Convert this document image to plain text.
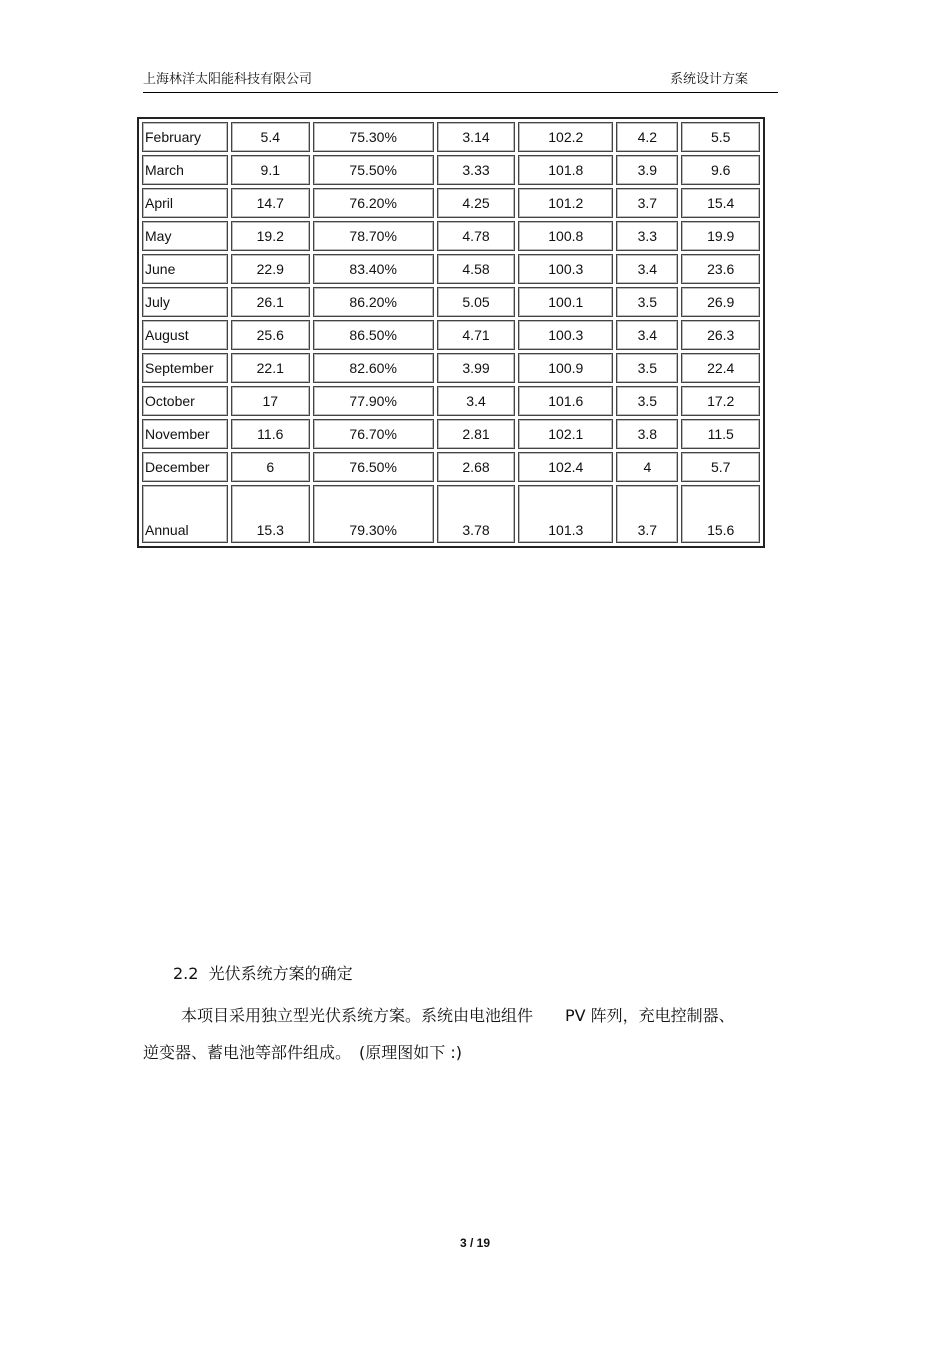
上海林洋太阳能科技有限公司	系统设计方案
February	5.4	75.30%	3.14	102.2	4.2	5.5
March	9.1	75.50%	3.33	101.8	3.9	9.6
April	14.7	76.20%	4.25	101.2	3.7	15.4
May	19.2	78.70%	4.78	100.8	3.3	19.9
June	22.9	83.40%	4.58	100.3	3.4	23.6
July	26.1	86.20%	5.05	100.1	3.5	26.9
August	25.6	86.50%	4.71	100.3	3.4	26.3
September	22.1	82.60%	3.99	100.9	3.5	22.4
October	17	77.90%	3.4	101.6	3.5	17.2
November	11.6	76.70%	2.81	102.1	3.8	11.5
December	6	76.50%	2.68	102.4	4	5.7
Annual	15.3	79.30%	3.78	101.3	3.7	15.6
2.2 光伏系统方案的确定
本项目采用独立型光伏系统方案。系统由电池组件　　PV 阵列，充电控制器、
逆变器、蓄电池等部件组成。　(原理图如下 :)
3 / 19
